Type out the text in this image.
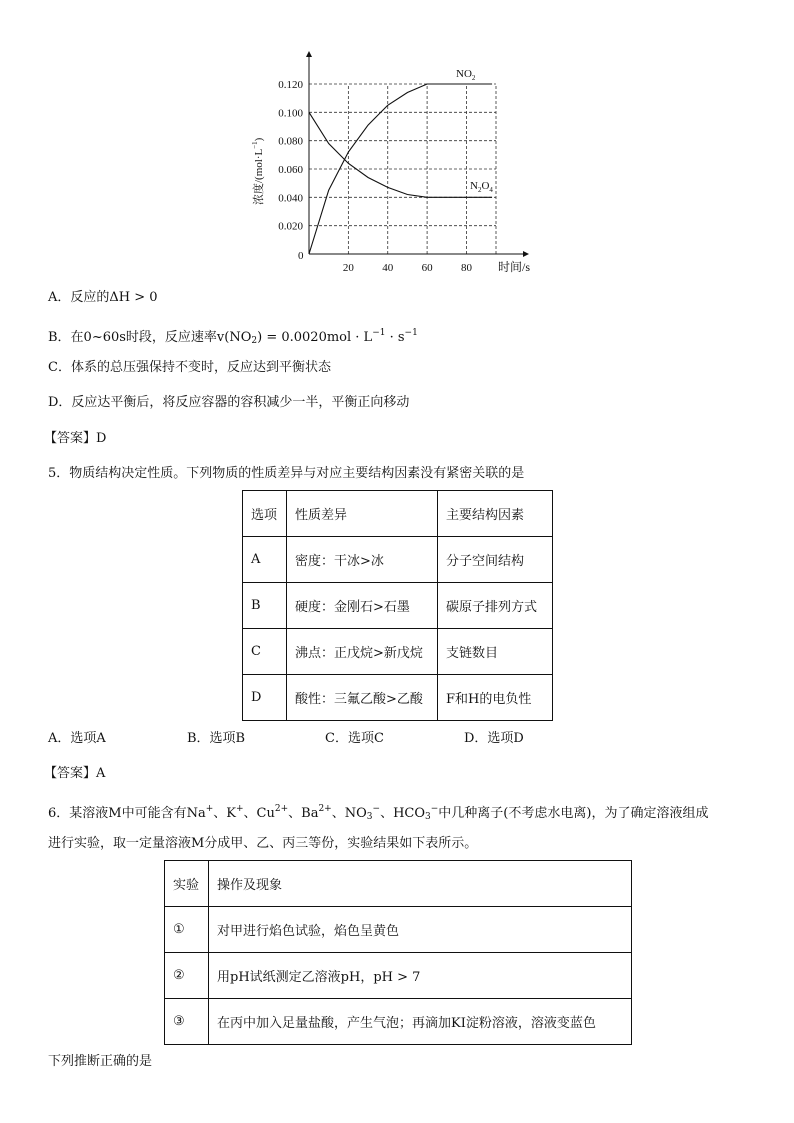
0.120
0.100
0.080
0.060
0.040
0.020
20	40	60	80
浓度$/(mol\cdot L^{-1})$
时间/s
0
$NO_2$
$N_2O_4$
A．反应的ΔH > 0
B．在0~60s时段，反应速率$v(NO_2) = 0.0020mol \cdot L^{-1} \cdot s^{-1}$
C．体系的总压强保持不变时，反应达到平衡状态
D．反应达平衡后，将反应容器的容积减少一半，平衡正向移动
【答案】D
5．物质结构决定性质。下列物质的性质差异与对应主要结构因素没有紧密关联的是
选项	性质差异	主要结构因素
A	密度：干冰>冰	分子空间结构
B	硬度：金刚石>石墨	碳原子排列方式
C	沸点：正戊烷>新戊烷	支链数目
D	酸性：三氟乙酸>乙酸	F和H的电负性
A．选项A	B．选项B	C．选项C	D．选项D
【答案】A
6．某溶液M中可能含有Na+、K+、$Cu^{2+}$、$Ba^{2+}$、$NO_3^-$、$HCO_3^-$中几种离子(不考虑水电离)，为了确定溶液组成
进行实验，取一定量溶液M分成甲、乙、丙三等份，实验结果如下表所示。
实验	操作及现象
①	对甲进行焰色试验，焰色呈黄色
②	用pH试纸测定乙溶液pH，pH > 7
③	在丙中加入足量盐酸，产生气泡；再滴加KI淀粉溶液，溶液变蓝色
下列推断正确的是
